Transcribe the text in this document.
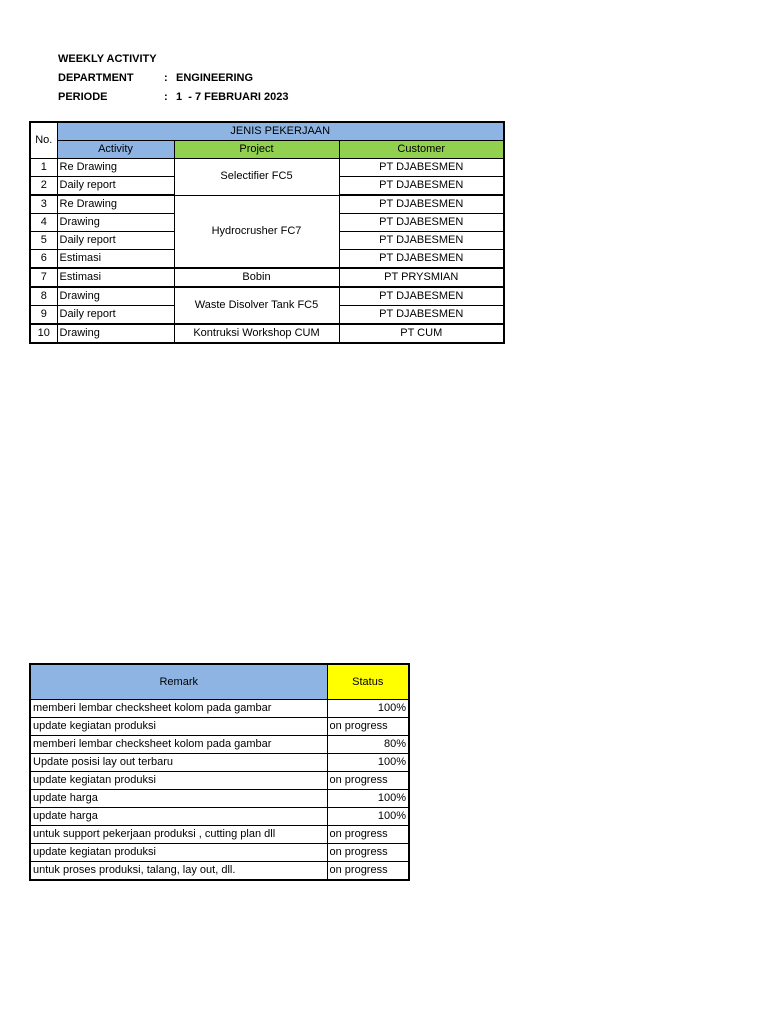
WEEKLY ACTIVITY
DEPARTMENT	: ENGINEERING
PERIODE	: 1  - 7 FEBRUARI 2023
No.	JENIS PEKERJAAN		
	Activity	Project	Customer
1	Re Drawing	Selectifier FC5	PT DJABESMEN
2	Daily report		PT DJABESMEN
3	Re Drawing	Hydrocrusher FC7	PT DJABESMEN
4	Drawing		PT DJABESMEN
5	Daily report		PT DJABESMEN
6	Estimasi		PT DJABESMEN
7	Estimasi	Bobin	PT PRYSMIAN
8	Drawing	Waste Disolver Tank FC5	PT DJABESMEN
9	Daily report		PT DJABESMEN
10	Drawing	Kontruksi Workshop CUM	PT CUM
Remark	Status
memberi lembar checksheet kolom pada gambar	100%
update kegiatan produksi	on progress
memberi lembar checksheet kolom pada gambar	80%
Update posisi lay out terbaru	100%
update kegiatan produksi	on progress
update harga	100%
update harga	100%
untuk support pekerjaan produksi , cutting plan dll	on progress
update kegiatan produksi	on progress
untuk proses produksi, talang, lay out, dll.	on progress
